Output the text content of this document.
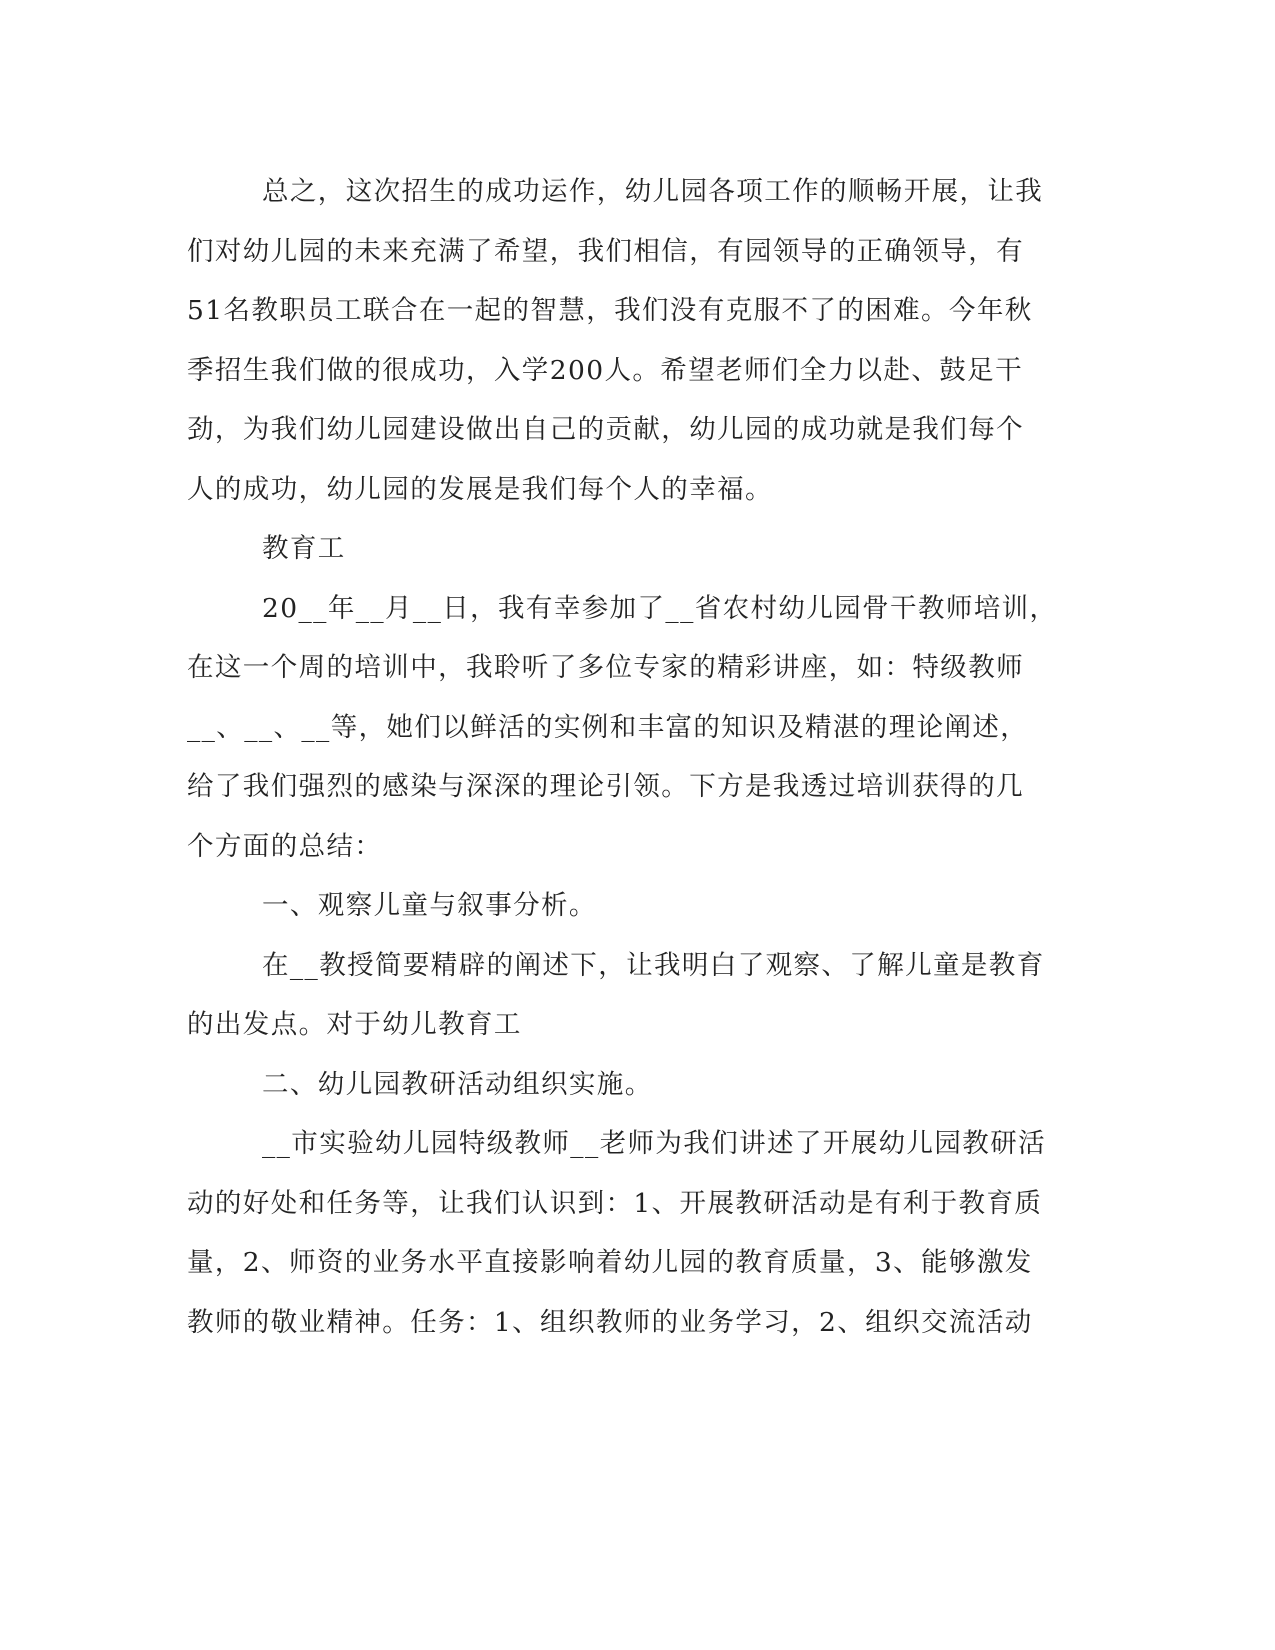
总之，这次招生的成功运作，幼儿园各项工作的顺畅开展，让我
们对幼儿园的未来充满了希望，我们相信，有园领导的正确领导，有
51名教职员工联合在一起的智慧，我们没有克服不了的困难。今年秋
季招生我们做的很成功，入学200人。希望老师们全力以赴、鼓足干
劲，为我们幼儿园建设做出自己的贡献，幼儿园的成功就是我们每个
人的成功，幼儿园的发展是我们每个人的幸福。
教育工
20__年__月__日，我有幸参加了__省农村幼儿园骨干教师培训，
在这一个周的培训中，我聆听了多位专家的精彩讲座，如：特级教师
__、__、__等，她们以鲜活的实例和丰富的知识及精湛的理论阐述，
给了我们强烈的感染与深深的理论引领。下方是我透过培训获得的几
个方面的总结：
一、观察儿童与叙事分析。
在__教授简要精辟的阐述下，让我明白了观察、了解儿童是教育
的出发点。对于幼儿教育工
二、幼儿园教研活动组织实施。
__市实验幼儿园特级教师__老师为我们讲述了开展幼儿园教研活
动的好处和任务等，让我们认识到：1、开展教研活动是有利于教育质
量，2、师资的业务水平直接影响着幼儿园的教育质量，3、能够激发
教师的敬业精神。任务：1、组织教师的业务学习，2、组织交流活动
